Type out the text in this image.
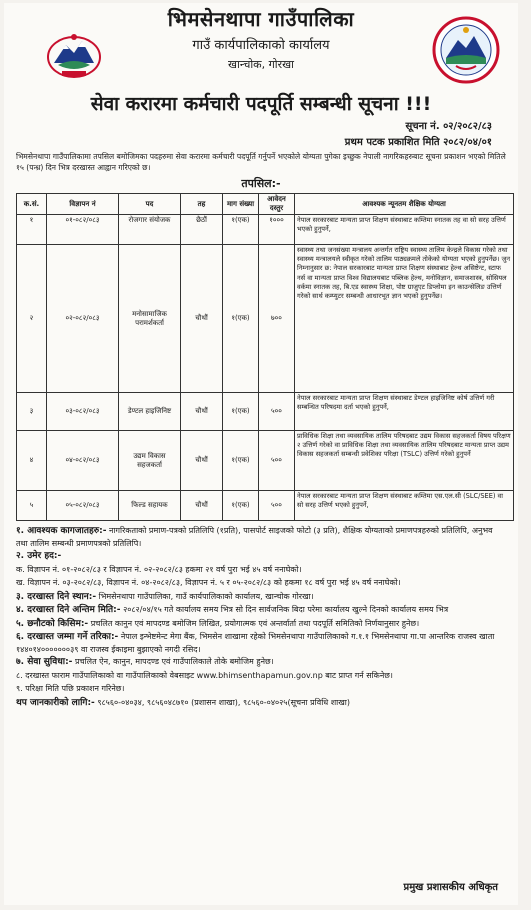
भिमसेनथापा गाउँपालिका
गाउँ कार्यपालिकाको कार्यालय
खान्चोक, गोरखा
सेवा करारमा कर्मचारी पदपूर्ति सम्बन्धी सूचना !!!
सूचना नं. ०२/२०८२/८३
प्रथम पटक प्रकाशित मिति २०८२/०४/०१
भिमसेनथापा गाउँपालिकामा तपसिल बमोजिमका पदहरुमा सेवा करारमा कर्मचारी पदपूर्ति गर्नुपर्ने भएकोले योग्यता पुगेका इच्छुक नेपाली नागरिकहरुबाट सूचना प्रकाशन भएको मितिले १५ (पन्ध्र) दिन भित्र दरखास्त आह्वान गरिएको छ।
तपसिल:-
क.सं.	विज्ञापन नं	पद	तह	माग संख्या	आवेदन दस्तुर	आवश्यक न्यूनतम शैक्षिक योग्यता
१	०१-०८२/०८३	रोजगार संयोजक	छैठौं	१(एक)	१०००	नेपाल सरकारबाट मान्यता प्राप्त शिक्षण संस्थाबाट कम्तिमा स्नातक तह वा सो सरह उत्तिर्ण भएको हुनुपर्ने,
२	०२-०८२/०८३	मनोसामाजिक परामर्शकर्ता	चौथौं	१(एक)	७००	स्वास्थ्य तथा जनसंख्या मन्त्रालय अन्तर्गत राष्ट्रिय स्वास्थ्य तालिम केन्द्रले विकास गरेको तथा स्वास्थ्य मन्त्रालयले स्वीकृत गरेको तालिम पाठ्यक्रमले तोकेको योग्यता भएको हुनुपर्नेछ। जुन निम्नानुसार छ: नेपाल सरकारबाट मान्यता प्राप्त शिक्षण संस्थाबाट हेल्थ असिष्टेन्ट, स्टाफ नर्स वा मान्यता प्राप्त विश्व विद्यालयबाट पब्लिक हेल्थ, मनोविज्ञान, समाजशास्त्र, सोसियल वर्कमा स्नातक तह, बि.एड स्वास्थ्य शिक्षा, पोष्ट ग्राजुएट डिप्लोमा इन काउन्सेलिङ उत्तिर्ण गरेको सार्थ कम्प्युटर सम्बन्धी आधारभूत ज्ञान भएको हुनुपर्नेछ।
३	०३-०८२/०८३	डेण्टल हाइजिनिष्ट	चौथौं	१(एक)	५००	नेपाल सरकारबाट मान्यता प्राप्त शिक्षण संस्थाबाट डेण्टल हाइजिनिष्ट कोर्ष उत्तिर्ण गरी सम्बन्धित परिषदमा दर्ता भएको हुनुपर्ने,
४	०४-०८२/०८३	उद्यम विकास सहजकर्ता	चौथौं	१(एक)	५००	प्राविधिक शिक्षा तथा व्यवसायिक तालिम परिषदबाट उद्यम विकास सहजकर्ता विषय परिक्षण २ उत्तिर्ण गरेको वा प्राविधिक शिक्षा तथा व्यवसायिक तालिम परिषदबाट मान्यता प्राप्त उद्यम विकास सहजकर्ता सम्बन्धी प्रवेशिका परिक्षा (TSLC) उत्तिर्ण गरेको हुनुपर्ने
५	०५-०८२/०८३	फिल्ड सहायक	चौथौं	१(एक)	५००	नेपाल सरकारबाट मान्यता प्राप्त शिक्षण संस्थाबाट कम्तिमा एस.एल.सी (SLC/SEE) वा सो सरह उत्तिर्ण भएको हुनुपर्ने,
१. आवश्यक कागजातहरु:- नागरिकताको प्रमाण-पत्रको प्रतिलिपि (१प्रति), पासपोर्ट साइजको फोटो (३ प्रति), शैक्षिक योग्यताको प्रमाणपत्रहरुको प्रतिलिपि, अनुभव तथा तालिम सम्बन्धी प्रमाणपत्रको प्रतिलिपि।
२. उमेर हद:-
क. विज्ञापन नं. ०१-२०८२/८३ र विज्ञापन नं. ०२-२०८२/८३ हकमा २१ वर्ष पुरा भई ४५ वर्ष ननाघेको।
ख. विज्ञापन नं. ०३-२०८२/८३, विज्ञापन नं. ०४-२०८२/८३, विज्ञापन नं. ५ र ०५-२०८२/८३ को हकमा १८ वर्ष पुरा भई ४५ वर्ष ननाघेको।
३. दरखास्त दिने स्थान:- भिमसेनथापा गाउँपालिका, गाउँ कार्यपालिकाको कार्यालय, खान्चोक गोरखा।
४. दरखास्त दिने अन्तिम मिति:- २०८२/०४/१५ गते कार्यालय समय भित्र सो दिन सार्वजनिक बिदा परेमा कार्यालय खुल्ने दिनको कार्यालय समय भित्र
५. छनौटको किसिम:- प्रचलित कानुन एवं मापदण्ड बमोजिम लिखित, प्रयोगात्मक एवं अन्तर्वार्ता तथा पदपूर्ति समितिको निर्णयानुसार हुनेछ।
६. दरखास्त जम्मा गर्ने तरिका:- नेपाल इन्भेष्टमेन्ट मेगा बैंक, भिमसेन शाखामा रहेको भिमसेनथापा गाउँपालिकाको ग.१.१ भिमसेनथापा गा.पा आन्तरिक राजस्व खाता १४४०१४०००००००३९ वा राजस्व ईकाइमा बुझाएको नगदी रसिद।
७. सेवा सुविधा:- प्रचलित ऐन, कानुन, मापदण्ड एवं गाउँपालिकाले तोके बमोजिम हुनेछ।
८. दरखास्त फाराम गाउँपालिकाको वा गाउँपालिकाको वेबसाइट www.bhimsenthapamun.gov.np बाट प्राप्त गर्न सकिनेछ।
९. परिक्षा मिति पछि प्रकाशन गरिनेछ।
थप जानकारीको लागि:- ९८५६०-०४०३४, ९८५६०४८७१० (प्रशासन शाखा), ९८५६०-०४०२५(सूचना प्रविधि शाखा)
प्रमुख प्रशासकीय अधिकृत
